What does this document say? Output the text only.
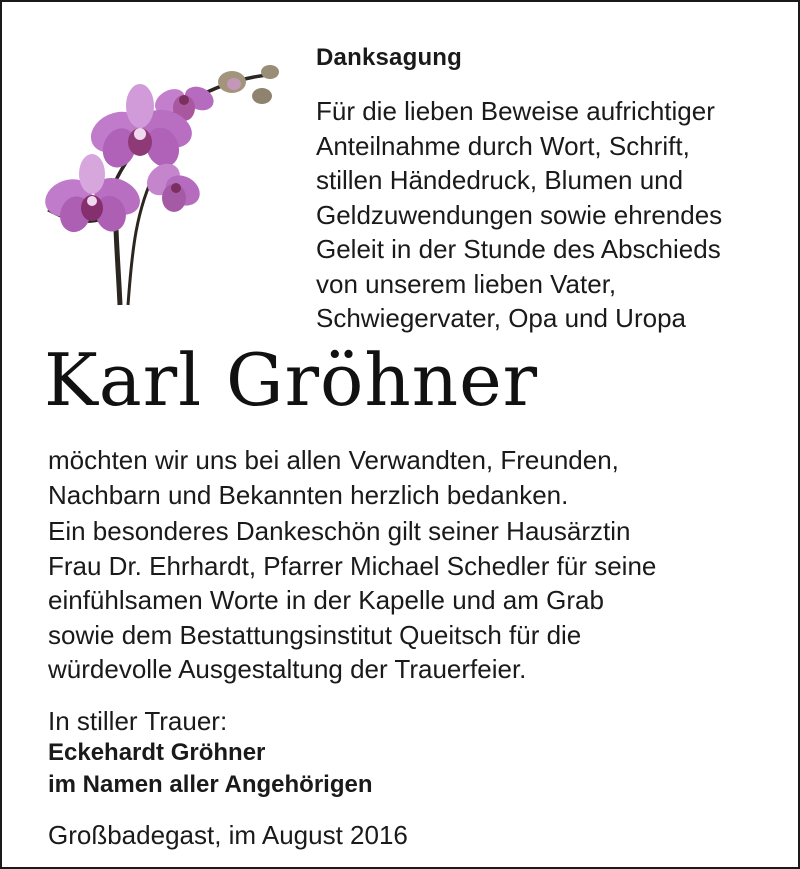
Danksagung
Für die lieben Beweise aufrichtiger
Anteilnahme durch Wort, Schrift,
stillen Händedruck, Blumen und
Geldzuwendungen sowie ehrendes
Geleit in der Stunde des Abschieds
von unserem lieben Vater,
Schwiegervater, Opa und Uropa
Karl Gröhner
möchten wir uns bei allen Verwandten, Freunden,
Nachbarn und Bekannten herzlich bedanken.
Ein besonderes Dankeschön gilt seiner Hausärztin
Frau Dr. Ehrhardt, Pfarrer Michael Schedler für seine
einfühlsamen Worte in der Kapelle und am Grab
sowie dem Bestattungsinstitut Queitsch für die
würdevolle Ausgestaltung der Trauerfeier.
In stiller Trauer:
Eckehardt Gröhner
im Namen aller Angehörigen
Großbadegast, im August 2016
